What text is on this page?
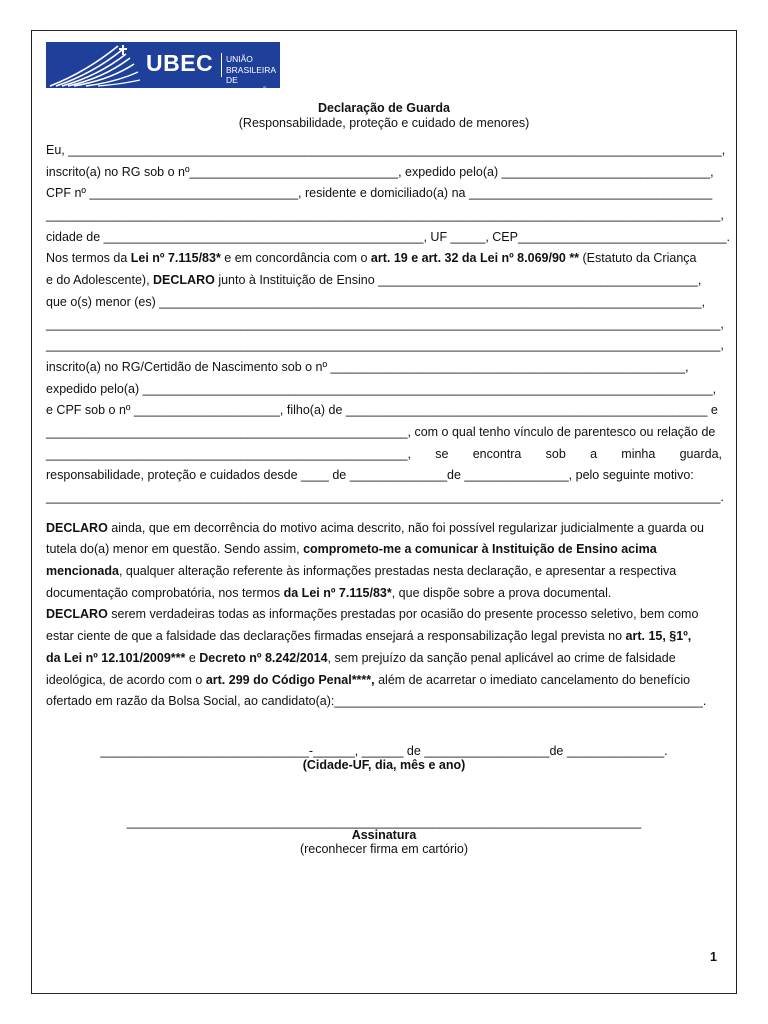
UBEC UNIÃO BRASILEIRA
DE EDUCAÇÃO CATÓLICA	Declaração de Guarda
(Responsabilidade, proteção e cuidado de menores)
Eu, ______________________________________________________________________________________________,
inscrito(a) no RG sob o nº______________________________, expedido pelo(a) ______________________________,
CPF nº ______________________________, residente e domiciliado(a) na ___________________________________
_________________________________________________________________________________________________,
cidade de ______________________________________________, UF _____, CEP______________________________.
Nos termos da Lei nº 7.115/83* e em concordância com o art. 19 e art. 32 da Lei nº 8.069/90 ** (Estatuto da Criança
e do Adolescente), DECLARO junto à Instituição de Ensino ______________________________________________,
que o(s) menor (es) ______________________________________________________________________________,
_________________________________________________________________________________________________,
_________________________________________________________________________________________________,
inscrito(a) no RG/Certidão de Nascimento sob o nº ___________________________________________________,
expedido pelo(a) __________________________________________________________________________________,
e CPF sob o nº _____________________, filho(a) de ____________________________________________________ e
____________________________________________________, com o qual tenho vínculo de parentesco ou relação de
____________________________________________________, se encontra sob a minha guarda,
responsabilidade, proteção e cuidados desde ____ de ______________de _______________, pelo seguinte motivo:
_________________________________________________________________________________________________.
DECLARO ainda, que em decorrência do motivo acima descrito, não foi possível regularizar judicialmente a guarda ou
tutela do(a) menor em questão. Sendo assim, comprometo-me a comunicar à Instituição de Ensino acima
mencionada, qualquer alteração referente às informações prestadas nesta declaração, e apresentar a respectiva
documentação comprobatória, nos termos da Lei nº 7.115/83*, que dispõe sobre a prova documental.
DECLARO serem verdadeiras todas as informações prestadas por ocasião do presente processo seletivo, bem como
estar ciente de que a falsidade das declarações firmadas ensejará a responsabilização legal prevista no art. 15, §1º,
da Lei nº 12.101/2009*** e Decreto nº 8.242/2014, sem prejuízo da sanção penal aplicável ao crime de falsidade
ideológica, de acordo com o art. 299 do Código Penal****, além de acarretar o imediato cancelamento do benefício
ofertado em razão da Bolsa Social, ao candidato(a):_____________________________________________________.
______________________________-______, ______ de __________________de ______________.
(Cidade-UF, dia, mês e ano)
__________________________________________________________________________
Assinatura
(reconhecer firma em cartório)
1
